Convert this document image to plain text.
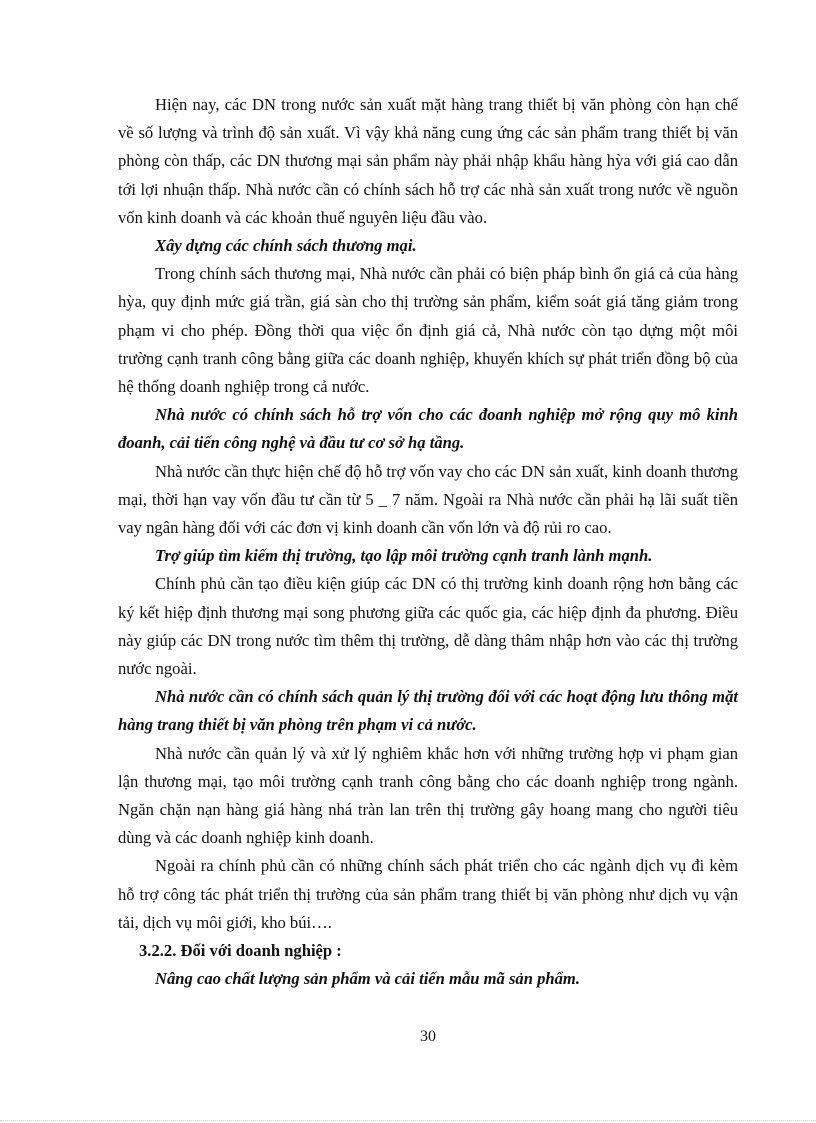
Hiện nay, các DN trong nước sản xuất mặt hàng trang thiết bị văn phòng còn hạn chế về số lượng và trình độ sản xuất. Vì vậy khả năng cung ứng các sản phẩm trang thiết bị văn phòng còn thấp, các DN thương mại sản phẩm này phải nhập khẩu hàng hỳa với giá cao dẫn tới lợi nhuận thấp. Nhà nước cần có chính sách hỗ trợ các nhà sản xuất trong nước về nguồn vốn kinh doanh và các khoản thuế nguyên liệu đầu vào.

Xây dựng các chính sách thương mại.

Trong chính sách thương mại, Nhà nước cần phải có biện pháp bình ổn giá cả của hàng hỳa, quy định mức giá trần, giá sàn cho thị trường sản phẩm, kiểm soát giá tăng giảm trong phạm vi cho phép. Đồng thời qua việc ổn định giá cả, Nhà nước còn tạo dựng một môi trường cạnh tranh công bằng giữa các doanh nghiệp, khuyến khích sự phát triển đồng bộ của hệ thống doanh nghiệp trong cả nước.

Nhà nước có chính sách hỗ trợ vốn cho các đoanh nghiệp mở rộng quy mô kinh đoanh, cải tiến công nghệ và đầu tư cơ sở hạ tầng.

Nhà nước cần thực hiện chế độ hỗ trợ vốn vay cho các DN sản xuất, kinh doanh thương mại, thời hạn vay vốn đầu tư cần từ 5 _ 7 năm. Ngoài ra Nhà nước cần phải hạ lãi suất tiền vay ngân hàng đối với các đơn vị kinh doanh cần vốn lớn và độ rủi ro cao.

Trợ giúp tìm kiếm thị trường, tạo lập môi trường cạnh tranh lành mạnh.

Chính phủ cần tạo điều kiện giúp các DN có thị trường kinh doanh rộng hơn bằng các ký kết hiệp định thương mại song phương giữa các quốc gia, các hiệp định đa phương. Điều này giúp các DN trong nước tìm thêm thị trường, dễ dàng thâm nhập hơn vào các thị trường nước ngoài.

Nhà nước cần có chính sách quản lý thị trường đối với các hoạt động lưu thông mặt hàng trang thiết bị văn phòng trên phạm vi cả nước.

Nhà nước cần quản lý và xử lý nghiêm khắc hơn với những trường hợp vi phạm gian lận thương mại, tạo môi trường cạnh tranh công bằng cho các doanh nghiệp trong ngành. Ngăn chặn nạn hàng giá hàng nhá tràn lan trên thị trường gây hoang mang cho người tiêu dùng và các doanh nghiệp kinh doanh.

Ngoài ra chính phủ cần có những chính sách phát triển cho các ngành dịch vụ đi kèm hỗ trợ công tác phát triển thị trường của sản phẩm trang thiết bị văn phòng như dịch vụ vận tải, dịch vụ môi giới, kho búi….

3.2.2. Đối với doanh nghiệp :

Nâng cao chất lượng sản phẩm và cải tiến mẫu mã sản phẩm.

30
